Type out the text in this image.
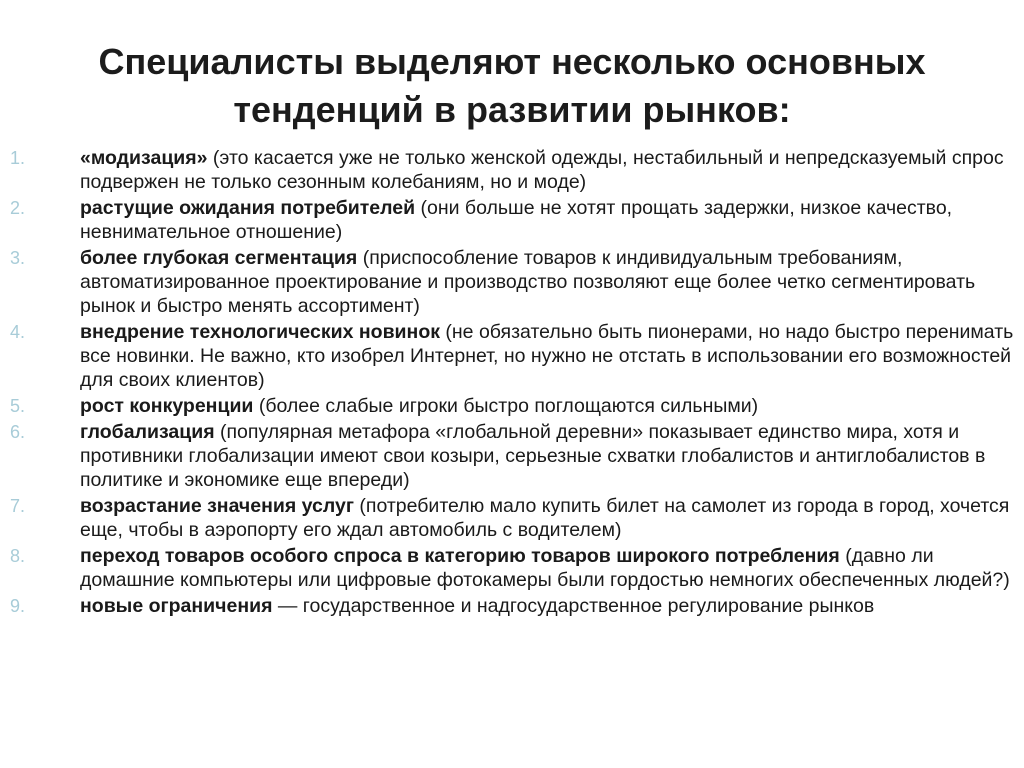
Специалисты выделяют несколько основных
тенденций в развитии рынков:
1.	«модизация» (это касается уже не только женской одежды, нестабильный и непредсказуемый спрос подвержен не только сезонным колебаниям, но и моде)
2.	растущие ожидания потребителей (они больше не хотят прощать задержки, низкое качество, невнимательное отношение)
3.	более глубокая сегментация (приспособление товаров к индивидуальным требованиям, автоматизированное проектирование и производство позволяют еще более четко сегментировать рынок и быстро менять ассортимент)
4.	внедрение технологических новинок (не обязательно быть пионерами, но надо быстро перенимать все новинки. Не важно, кто изобрел Интернет, но нужно не отстать в использовании его возможностей для своих клиентов)
5.	рост конкуренции (более слабые игроки быстро поглощаются сильными)
6.	глобализация (популярная метафора «глобальной деревни» показывает единство мира, хотя и противники глобализации имеют свои козыри, серьезные схватки глобалистов и антиглобалистов в политике и экономике еще впереди)
7.	возрастание значения услуг (потребителю мало купить билет на самолет из города в город, хочется еще, чтобы в аэропорту его ждал автомобиль с водителем)
8.	переход товаров особого спроса в категорию товаров широкого потребления (давно ли домашние компьютеры или цифровые фотокамеры были гордостью немногих обеспеченных людей?)
9.	новые ограничения — государственное и надгосударственное регулирование рынков
